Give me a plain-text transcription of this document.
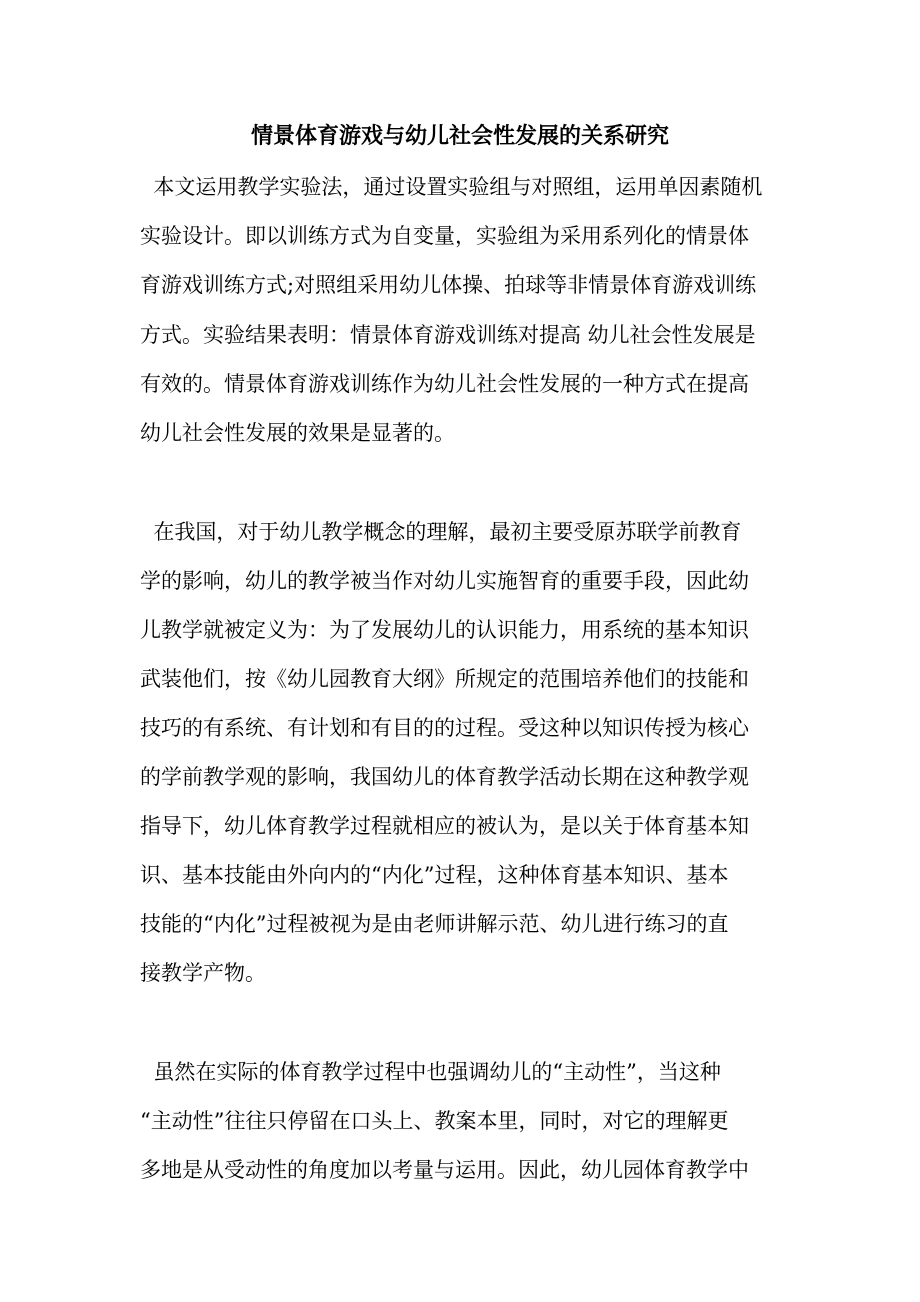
情景体育游戏与幼儿社会性发展的关系研究
本文运用教学实验法，通过设置实验组与对照组，运用单因素随机
实验设计。即以训练方式为自变量，实验组为采用系列化的情景体
育游戏训练方式;对照组采用幼儿体操、拍球等非情景体育游戏训练
方式。实验结果表明：情景体育游戏训练对提高 幼儿社会性发展是
有效的。情景体育游戏训练作为幼儿社会性发展的一种方式在提高
幼儿社会性发展的效果是显著的。
在我国，对于幼儿教学概念的理解，最初主要受原苏联学前教育
学的影响，幼儿的教学被当作对幼儿实施智育的重要手段，因此幼
儿教学就被定义为：为了发展幼儿的认识能力，用系统的基本知识
武装他们，按《幼儿园教育大纲》所规定的范围培养他们的技能和
技巧的有系统、有计划和有目的的过程。受这种以知识传授为核心
的学前教学观的影响，我国幼儿的体育教学活动长期在这种教学观
指导下，幼儿体育教学过程就相应的被认为，是以关于体育基本知
识、基本技能由外向内的“内化”过程，这种体育基本知识、基本
技能的“内化”过程被视为是由老师讲解示范、幼儿进行练习的直
接教学产物。
虽然在实际的体育教学过程中也强调幼儿的“主动性”，当这种
“主动性”往往只停留在口头上、教案本里，同时，对它的理解更
多地是从受动性的角度加以考量与运用。因此，幼儿园体育教学中
